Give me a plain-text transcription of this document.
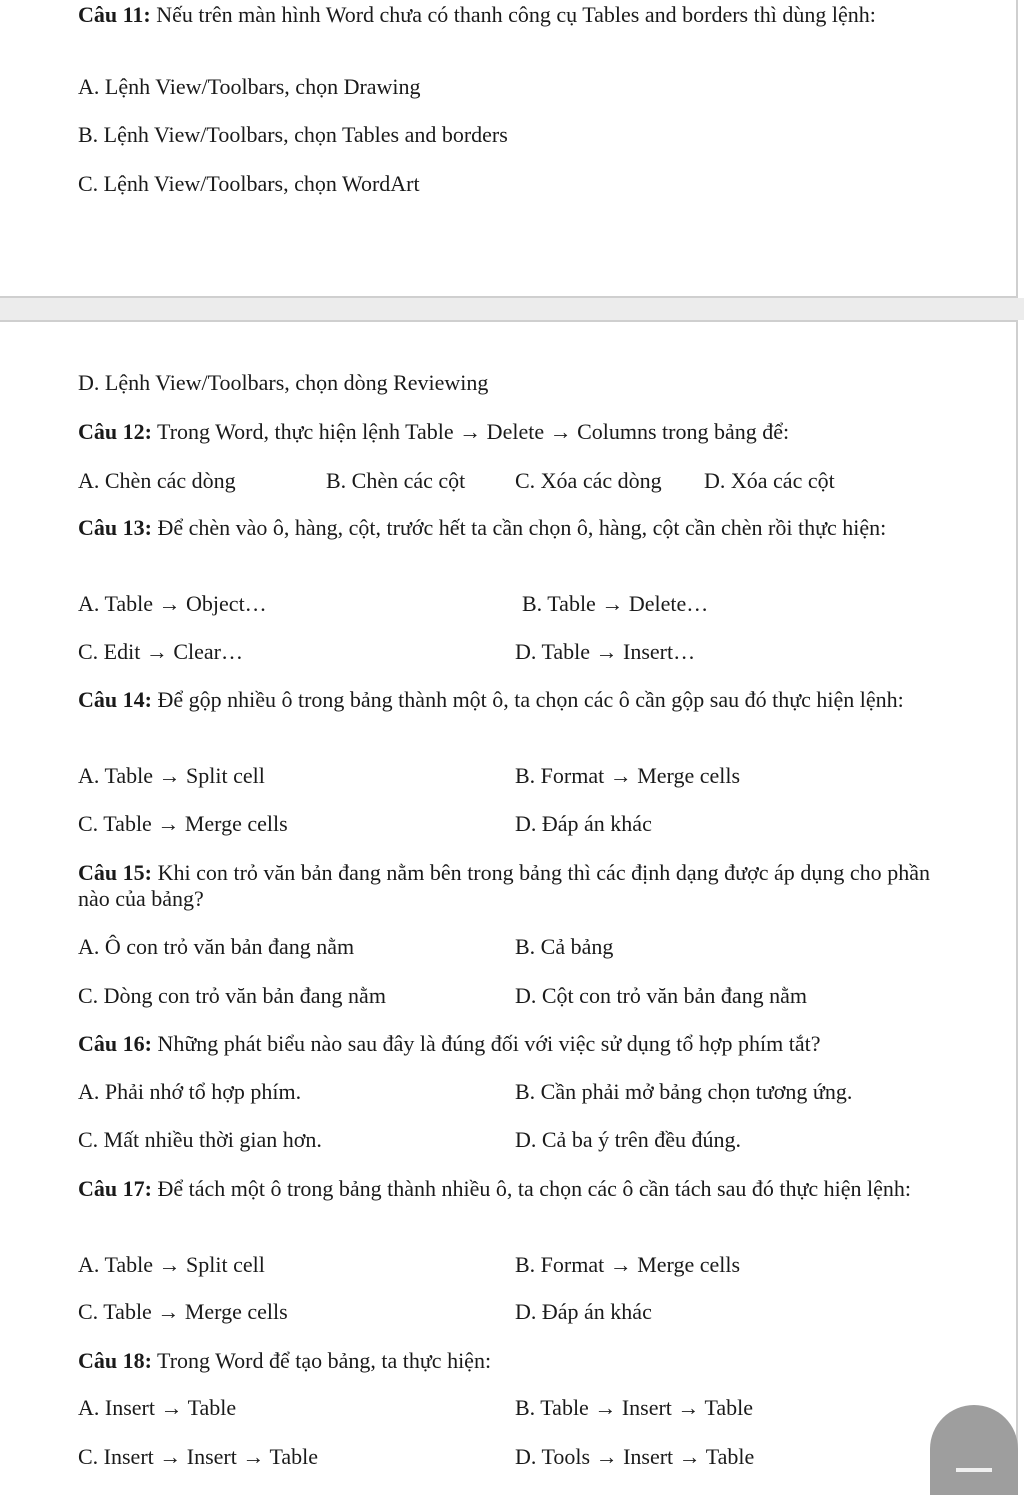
Câu 11: Nếu trên màn hình Word chưa có thanh công cụ Tables and borders thì dùng lệnh:
A. Lệnh View/Toolbars, chọn Drawing
B. Lệnh View/Toolbars, chọn Tables and borders
C. Lệnh View/Toolbars, chọn WordArt
D. Lệnh View/Toolbars, chọn dòng Reviewing
Câu 12: Trong Word, thực hiện lệnh Table → Delete → Columns trong bảng để:
A. Chèn các dòng	B. Chèn các cột C. Xóa các dòng D. Xóa các cột
Câu 13: Để chèn vào ô, hàng, cột, trước hết ta cần chọn ô, hàng, cột cần chèn rồi thực hiện:
A. Table → Object…	B. Table → Delete…
C. Edit → Clear…	D. Table → Insert…
Câu 14: Để gộp nhiều ô trong bảng thành một ô, ta chọn các ô cần gộp sau đó thực hiện lệnh:
A. Table → Split cell	B. Format → Merge cells
C. Table → Merge cells	D. Đáp án khác
Câu 15: Khi con trỏ văn bản đang nằm bên trong bảng thì các định dạng được áp dụng cho phần nào của bảng?
A. Ô con trỏ văn bản đang nằm	B. Cả bảng
C. Dòng con trỏ văn bản đang nằm	D. Cột con trỏ văn bản đang nằm
Câu 16: Những phát biểu nào sau đây là đúng đối với việc sử dụng tổ hợp phím tắt?
A. Phải nhớ tổ hợp phím.	B. Cần phải mở bảng chọn tương ứng.
C. Mất nhiều thời gian hơn.	D. Cả ba ý trên đều đúng.
Câu 17: Để tách một ô trong bảng thành nhiều ô, ta chọn các ô cần tách sau đó thực hiện lệnh:
A. Table → Split cell	B. Format → Merge cells
C. Table → Merge cells	D. Đáp án khác
Câu 18: Trong Word để tạo bảng, ta thực hiện:
A. Insert → Table	B. Table → Insert → Table
C. Insert → Insert → Table	D. Tools → Insert → Table
